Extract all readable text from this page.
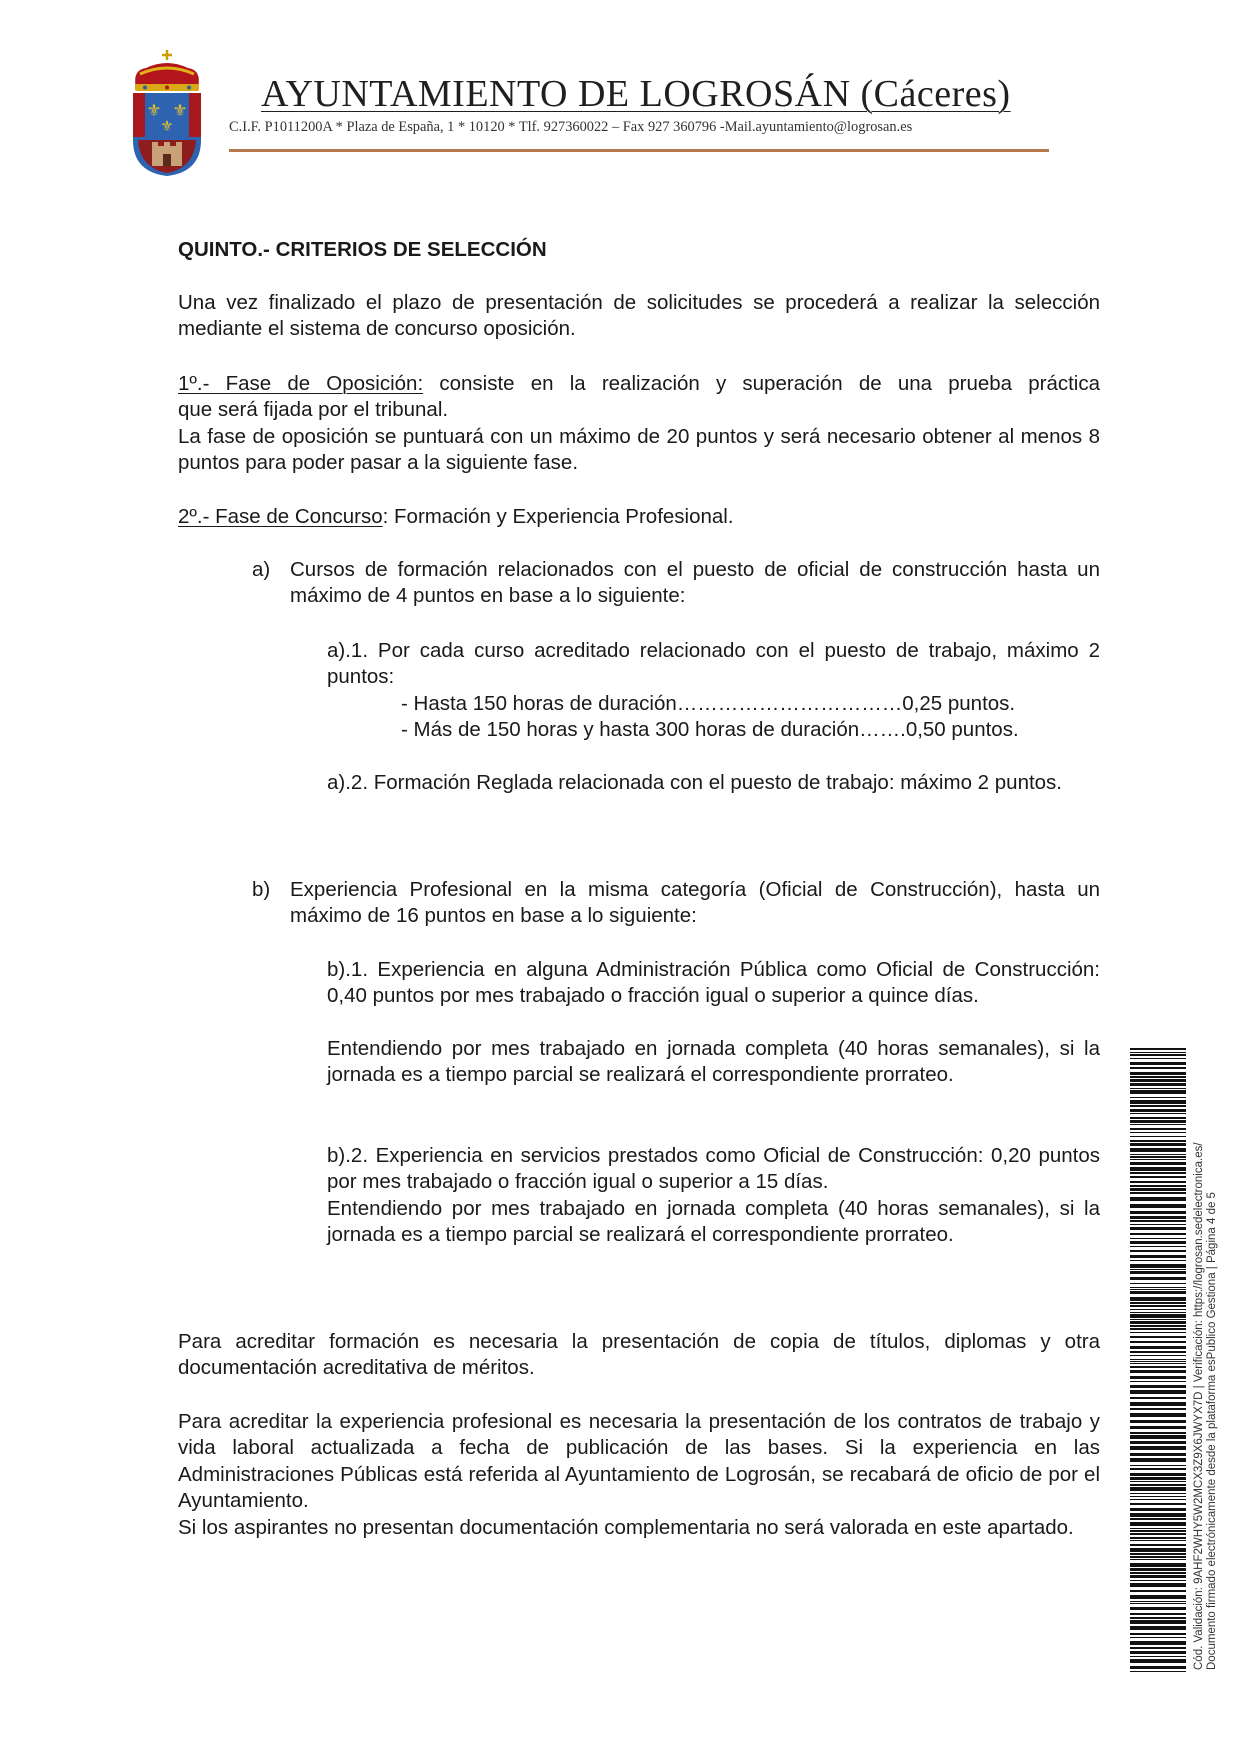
⚜ ⚜
⚜
AYUNTAMIENTO DE LOGROSÁN (Cáceres)
C.I.F. P1011200A * Plaza de España, 1 * 10120 * Tlf. 927360022 – Fax 927 360796 -Mail.ayuntamiento@logrosan.es
QUINTO.- CRITERIOS DE SELECCIÓN

Una vez finalizado el plazo de presentación de solicitudes se procederá a realizar la selección mediante el sistema de concurso oposición.

1º.- Fase de Oposición: consiste en la realización y superación de una prueba práctica
que será fijada por el tribunal.

La fase de oposición se puntuará con un máximo de 20 puntos y será necesario obtener al menos 8 puntos para poder pasar a la siguiente fase.

2º.- Fase de Concurso: Formación y Experiencia Profesional.
a) Cursos de formación relacionados con el puesto de oficial de construcción hasta un máximo de 4 puntos en base a lo siguiente:

a).1. Por cada curso acreditado relacionado con el puesto de trabajo, máximo 2 puntos:

- Hasta 150 horas de duración……………………………0,25 puntos.
- Más de 150 horas y hasta 300 horas de duración…….0,50 puntos.

a).2. Formación Reglada relacionada con el puesto de trabajo: máximo 2 puntos.

b) Experiencia Profesional en la misma categoría (Oficial de Construcción), hasta un máximo de 16 puntos en base a lo siguiente:

b).1. Experiencia en alguna Administración Pública como Oficial de Construcción: 0,40 puntos por mes trabajado o fracción igual o superior a quince días.

Entendiendo por mes trabajado en jornada completa (40 horas semanales), si la jornada es a tiempo parcial se realizará el correspondiente prorrateo.

b).2. Experiencia en servicios prestados como Oficial de Construcción: 0,20 puntos por mes trabajado o fracción igual o superior a 15 días.

Entendiendo por mes trabajado en jornada completa (40 horas semanales), si la jornada es a tiempo parcial se realizará el correspondiente prorrateo.

Para acreditar formación es necesaria la presentación de copia de títulos, diplomas y otra documentación acreditativa de méritos.

Para acreditar la experiencia profesional es necesaria la presentación de los contratos de trabajo y vida laboral actualizada a fecha de publicación de las bases. Si la experiencia en las Administraciones Públicas está referida al Ayuntamiento de Logrosán, se recabará de oficio de por el Ayuntamiento.

Si los aspirantes no presentan documentación complementaria no será valorada en este apartado.	Cód. Validación: 9AHF2WHY5W2MCX3Z9X6JWYX7D | Verificación: https://logrosan.sedelectronica.es/ Documento firmado electrónicamente desde la plataforma esPublico Gestiona | Página 4 de 5
